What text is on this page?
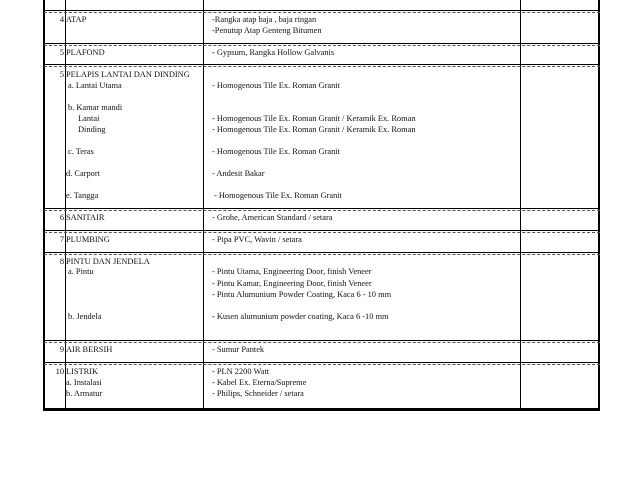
4 ATAP	-Rangka atap baja , baja ringan
-Penutup Atap Genteng Bitumen
5 PLAFOND	- Gypsum, Rangka Hollow Galvanis
5 PELAPIS LANTAI DAN DINDING
a. Lantai Utama	- Homogenous Tile Ex. Roman Granit
b. Kamar mandi
Lantai	- Homogenous Tile Ex. Roman Granit / Keramik Ex. Roman
Dinding	- Homogenous Tile Ex. Roman Granit / Keramik Ex. Roman
c. Teras	- Homogenous Tile Ex. Roman Granit
d. Carport	- Andesit Bakar
e. Tangga	- Homogenous Tile Ex. Roman Granit
6 SANITAIR	- Grohe, American Standard / setara
7 PLUMBING	- Pipa PVC, Wavin / setara
8 PINTU DAN JENDELA
a. Pintu	- Pintu Utama, Engineering Door, finish Veneer
- Pintu Kamar, Engineering Door, finish Veneer
- Pintu Alumunium Powder Coating, Kaca 6 - 10 mm
b. Jendela	- Kusen alumunium powder coating, Kaca 6 -10 mm
9 AIR BERSIH	- Sumur Pantek
10 LISTRIK	- PLN 2200 Watt
a. Instalasi	- Kabel Ex. Eterna/Supreme
b. Armatur	- Philips, Schneider / setara
